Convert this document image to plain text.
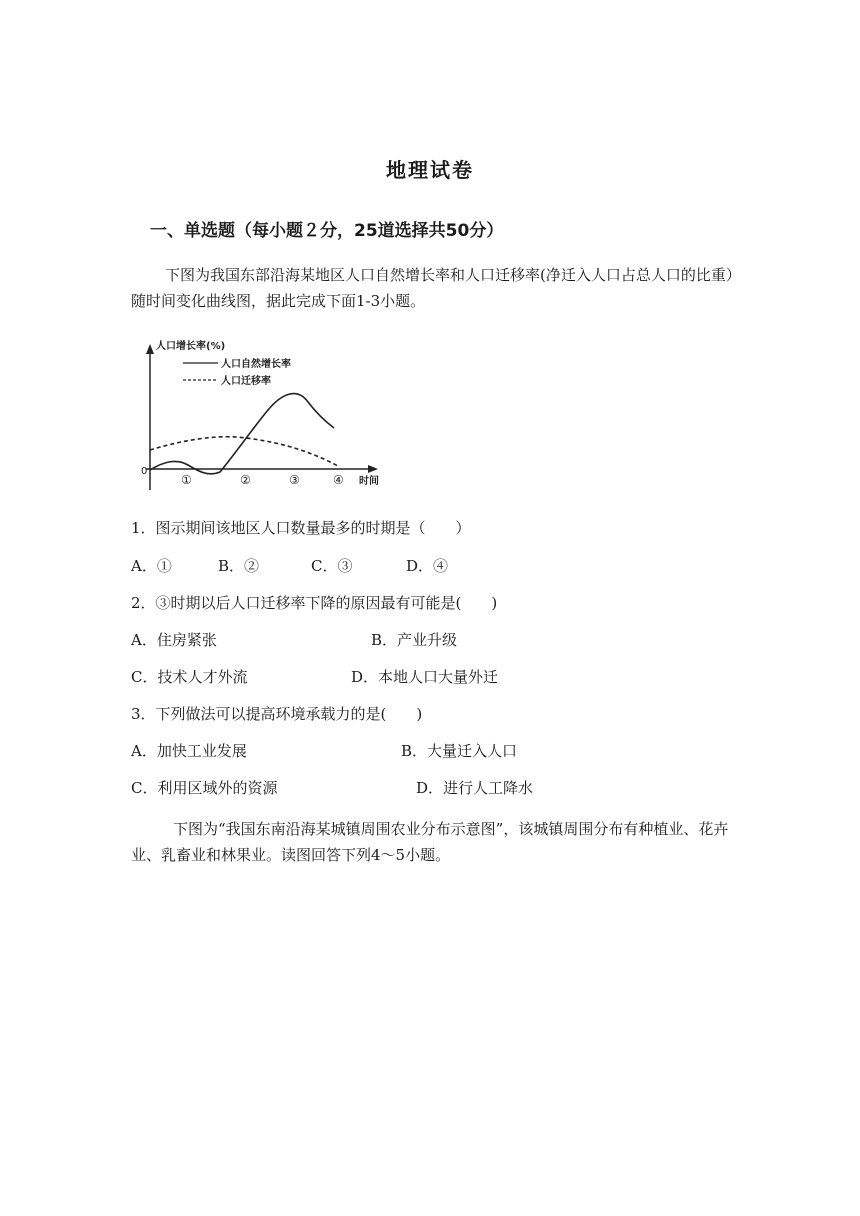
地理试卷
一、单选题（每小题２分，25道选择共50分）
下图为我国东部沿海某地区人口自然增长率和人口迁移率(净迁入人口占总人口的比重）随时间变化曲线图，据此完成下面1-3小题。
人口增长率(%)
0
时间
人口自然增长率
人口迁移率
①	②	③	④
1．图示期间该地区人口数量最多的时期是（　　）
A．①	B．②	C．③	D．④
2．③时期以后人口迁移率下降的原因最有可能是(　　)
A．住房紧张	B．产业升级
C．技术人才外流	D．本地人口大量外迁
3．下列做法可以提高环境承载力的是(　　)
A．加快工业发展	B．大量迁入人口
C．利用区域外的资源	D．进行人工降水
下图为“我国东南沿海某城镇周围农业分布示意图”，该城镇周围分布有种植业、花卉业、乳畜业和林果业。读图回答下列4～5小题。
